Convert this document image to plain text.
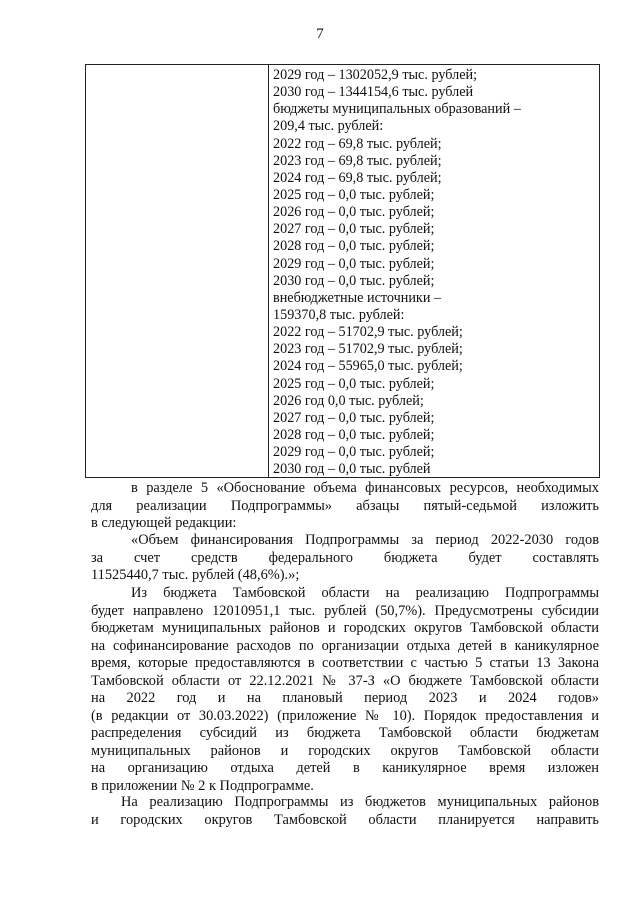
7
2029 год – 1302052,9 тыс. рублей;
2030 год – 1344154,6 тыс. рублей
бюджеты муниципальных образований –
209,4 тыс. рублей:
2022 год – 69,8 тыс. рублей;
2023 год – 69,8 тыс. рублей;
2024 год – 69,8 тыс. рублей;
2025 год – 0,0 тыс. рублей;
2026 год – 0,0 тыс. рублей;
2027 год – 0,0 тыс. рублей;
2028 год – 0,0 тыс. рублей;
2029 год – 0,0 тыс. рублей;
2030 год – 0,0 тыс. рублей;
внебюджетные источники –
159370,8 тыс. рублей:
2022 год – 51702,9 тыс. рублей;
2023 год – 51702,9 тыс. рублей;
2024 год – 55965,0 тыс. рублей;
2025 год – 0,0 тыс. рублей;
2026 год 0,0 тыс. рублей;
2027 год – 0,0 тыс. рублей;
2028 год – 0,0 тыс. рублей;
2029 год – 0,0 тыс. рублей;
2030 год – 0,0 тыс. рублей
в разделе 5 «Обоснование объема финансовых ресурсов, необходимых
для реализации Подпрограммы» абзацы пятый-седьмой изложить
в следующей редакции:
«Объем финансирования Подпрограммы за период 2022-2030 годов
за счет средств федерального бюджета будет составлять
11525440,7 тыс. рублей (48,6%).»;
Из бюджета Тамбовской области на реализацию Подпрограммы
будет направлено 12010951,1 тыс. рублей (50,7%). Предусмотрены субсидии
бюджетам муниципальных районов и городских округов Тамбовской области
на софинансирование расходов по организации отдыха детей в каникулярное
время, которые предоставляются в соответствии с частью 5 статьи 13 Закона
Тамбовской области от 22.12.2021 № 37-З «О бюджете Тамбовской области
на 2022 год и на плановый период 2023 и 2024 годов»
(в редакции от 30.03.2022) (приложение № 10). Порядок предоставления и
распределения субсидий из бюджета Тамбовской области бюджетам
муниципальных районов и городских округов Тамбовской области
на организацию отдыха детей в каникулярное время изложен
в приложении № 2 к Подпрограмме.
На реализацию Подпрограммы из бюджетов муниципальных районов
и городских округов Тамбовской области планируется направить
